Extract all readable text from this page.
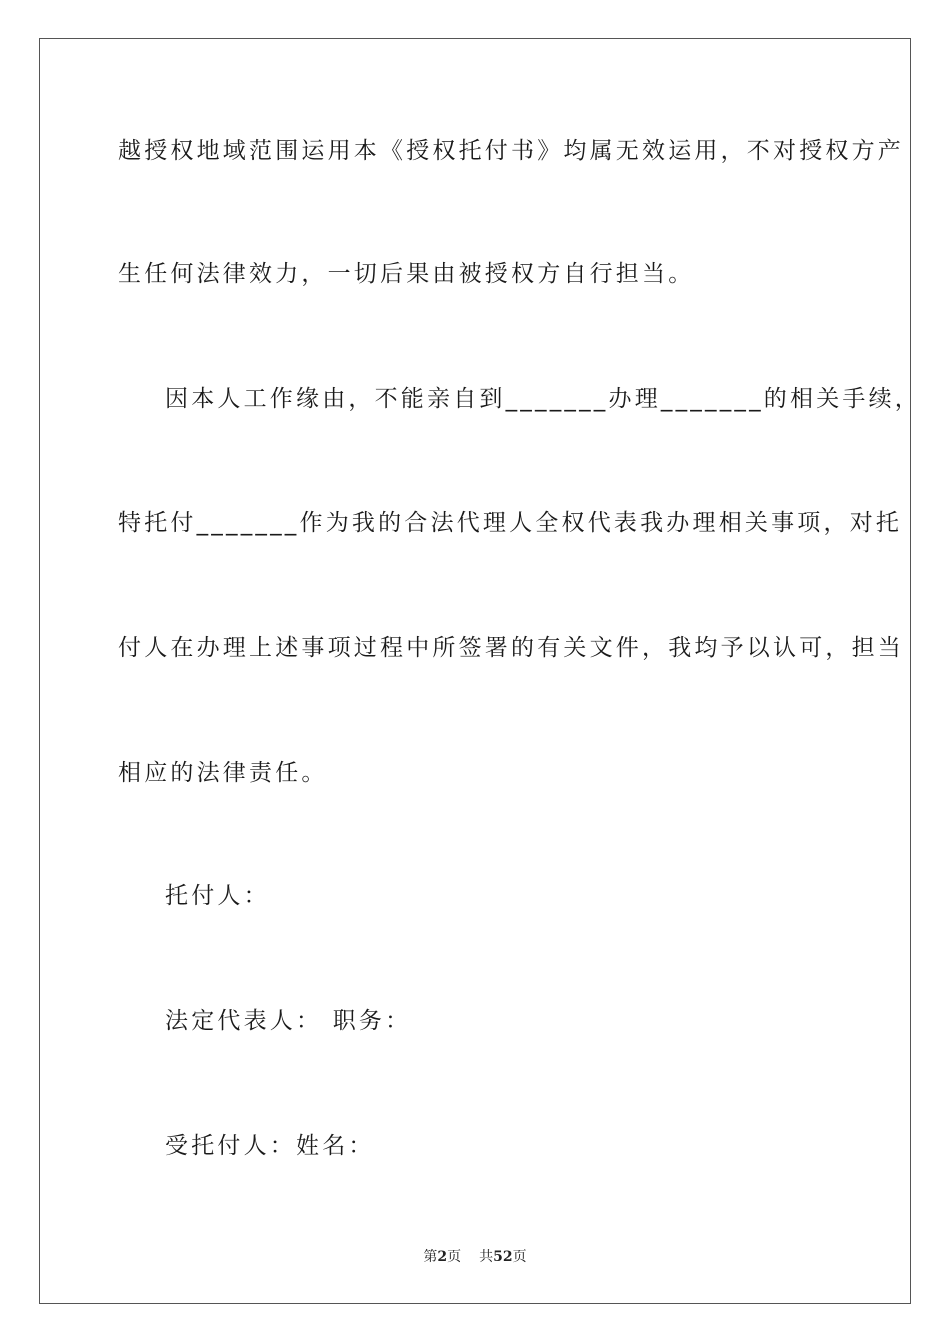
越授权地域范围运用本《授权托付书》均属无效运用，不对授权方产
生任何法律效力，一切后果由被授权方自行担当。
因本人工作缘由，不能亲自到_______办理_______的相关手续，
特托付_______作为我的合法代理人全权代表我办理相关事项，对托
付人在办理上述事项过程中所签署的有关文件，我均予以认可，担当
相应的法律责任。
托付人：
法定代表人： 职务：
受托付人：姓名：
第2页 共52页
